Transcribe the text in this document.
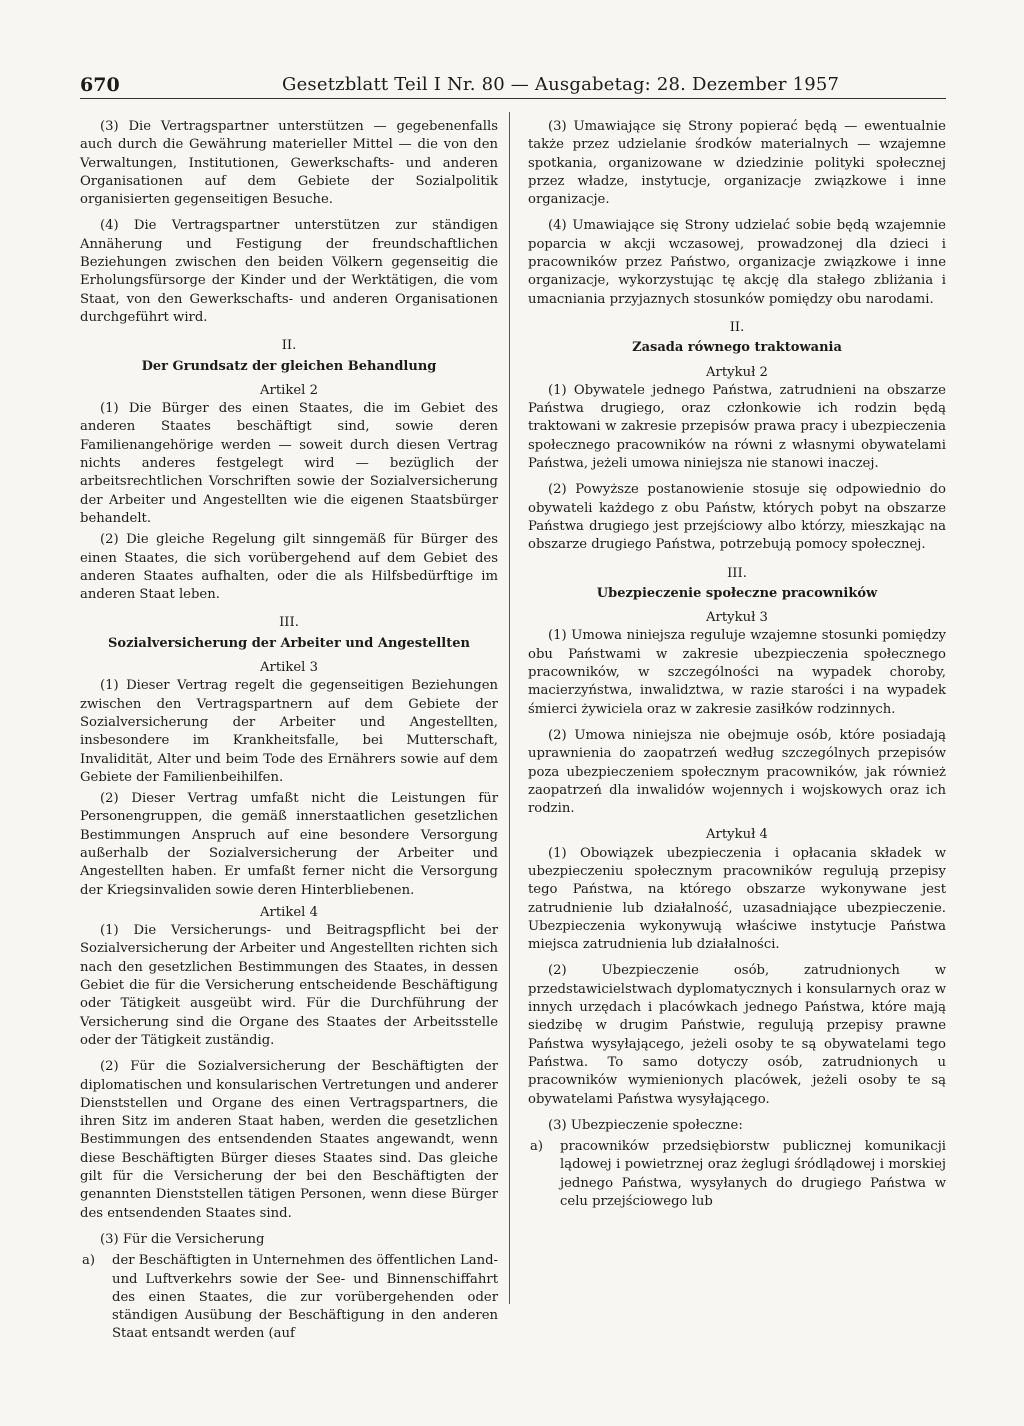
670	Gesetzblatt Teil I Nr. 80 — Ausgabetag: 28. Dezember 1957

(3) Die Vertragspartner unterstützen — gegebenenfalls auch durch die Gewährung materieller Mittel — die von den Verwaltungen, Institutionen, Gewerkschafts- und anderen Organisationen auf dem Gebiete der Sozialpolitik organisierten gegenseitigen Besuche.

(4) Die Vertragspartner unterstützen zur ständigen Annäherung und Festigung der freundschaftlichen Beziehungen zwischen den beiden Völkern gegenseitig die Erholungsfürsorge der Kinder und der Werktätigen, die vom Staat, von den Gewerkschafts- und anderen Organisationen durchgeführt wird.

II.

Der Grundsatz der gleichen Behandlung

Artikel 2

(1) Die Bürger des einen Staates, die im Gebiet des anderen Staates beschäftigt sind, sowie deren Familienangehörige werden — soweit durch diesen Vertrag nichts anderes festgelegt wird — bezüglich der arbeitsrechtlichen Vorschriften sowie der Sozialversicherung der Arbeiter und Angestellten wie die eigenen Staatsbürger behandelt.

(2) Die gleiche Regelung gilt sinngemäß für Bürger des einen Staates, die sich vorübergehend auf dem Gebiet des anderen Staates aufhalten, oder die als Hilfsbedürftige im anderen Staat leben.

III.

Sozialversicherung der Arbeiter und Angestellten

Artikel 3

(1) Dieser Vertrag regelt die gegenseitigen Beziehungen zwischen den Vertragspartnern auf dem Gebiete der Sozialversicherung der Arbeiter und Angestellten, insbesondere im Krankheitsfalle, bei Mutterschaft, Invalidität, Alter und beim Tode des Ernährers sowie auf dem Gebiete der Familienbeihilfen.

(2) Dieser Vertrag umfaßt nicht die Leistungen für Personengruppen, die gemäß innerstaatlichen gesetzlichen Bestimmungen Anspruch auf eine besondere Versorgung außerhalb der Sozialversicherung der Arbeiter und Angestellten haben. Er umfaßt ferner nicht die Versorgung der Kriegsinvaliden sowie deren Hinterbliebenen.

Artikel 4

(1) Die Versicherungs- und Beitragspflicht bei der Sozialversicherung der Arbeiter und Angestellten richten sich nach den gesetzlichen Bestimmungen des Staates, in dessen Gebiet die für die Versicherung entscheidende Beschäftigung oder Tätigkeit ausgeübt wird. Für die Durchführung der Versicherung sind die Organe des Staates der Arbeitsstelle oder der Tätigkeit zuständig.

(2) Für die Sozialversicherung der Beschäftigten der diplomatischen und konsularischen Vertretungen und anderer Dienststellen und Organe des einen Vertragspartners, die ihren Sitz im anderen Staat haben, werden die gesetzlichen Bestimmungen des entsendenden Staates angewandt, wenn diese Beschäftigten Bürger dieses Staates sind. Das gleiche gilt für die Versicherung der bei den Beschäftigten der genannten Dienststellen tätigen Personen, wenn diese Bürger des entsendenden Staates sind.

(3) Für die Versicherung

a)	der Beschäftigten in Unternehmen des öffentlichen Land- und Luftverkehrs sowie der See- und Binnenschiffahrt des einen Staates, die zur vorübergehenden oder ständigen Ausübung der Beschäftigung in den anderen Staat entsandt werden (auf

(3) Umawiające się Strony popierać będą — ewentualnie także przez udzielanie środków materialnych — wzajemne spotkania, organizowane w dziedzinie polityki społecznej przez władze, instytucje, organizacje związkowe i inne organizacje.

(4) Umawiające się Strony udzielać sobie będą wzajemnie poparcia w akcji wczasowej, prowadzonej dla dzieci i pracowników przez Państwo, organizacje związkowe i inne organizacje, wykorzystując tę akcję dla stałego zbliżania i umacniania przyjaznych stosunków pomiędzy obu narodami.

II.

Zasada równego traktowania

Artykuł 2

(1) Obywatele jednego Państwa, zatrudnieni na obszarze Państwa drugiego, oraz członkowie ich rodzin będą traktowani w zakresie przepisów prawa pracy i ubezpieczenia społecznego pracowników na równi z własnymi obywatelami Państwa, jeżeli umowa niniejsza nie stanowi inaczej.

(2) Powyższe postanowienie stosuje się odpowiednio do obywateli każdego z obu Państw, których pobyt na obszarze Państwa drugiego jest przejściowy albo którzy, mieszkając na obszarze drugiego Państwa, potrzebują pomocy społecznej.

III.

Ubezpieczenie społeczne pracowników

Artykuł 3

(1) Umowa niniejsza reguluje wzajemne stosunki pomiędzy obu Państwami w zakresie ubezpieczenia społecznego pracowników, w szczególności na wypadek choroby, macierzyństwa, inwalidztwa, w razie starości i na wypadek śmierci żywiciela oraz w zakresie zasiłków rodzinnych.

(2) Umowa niniejsza nie obejmuje osób, które posiadają uprawnienia do zaopatrzeń według szczególnych przepisów poza ubezpieczeniem społecznym pracowników, jak również zaopatrzeń dla inwalidów wojennych i wojskowych oraz ich rodzin.

Artykuł 4

(1) Obowiązek ubezpieczenia i opłacania składek w ubezpieczeniu społecznym pracowników regulują przepisy tego Państwa, na którego obszarze wykonywane jest zatrudnienie lub działalność, uzasadniające ubezpieczenie. Ubezpieczenia wykonywują właściwe instytucje Państwa miejsca zatrudnienia lub działalności.

(2) Ubezpieczenie osób, zatrudnionych w przedstawicielstwach dyplomatycznych i konsularnych oraz w innych urzędach i placówkach jednego Państwa, które mają siedzibę w drugim Państwie, regulują przepisy prawne Państwa wysyłającego, jeżeli osoby te są obywatelami tego Państwa. To samo dotyczy osób, zatrudnionych u pracowników wymienionych placówek, jeżeli osoby te są obywatelami Państwa wysyłającego.

(3) Ubezpieczenie społeczne:

a)	pracowników przedsiębiorstw publicznej komunikacji lądowej i powietrznej oraz żeglugi śródlądowej i morskiej jednego Państwa, wysyłanych do drugiego Państwa w celu przejściowego lub
